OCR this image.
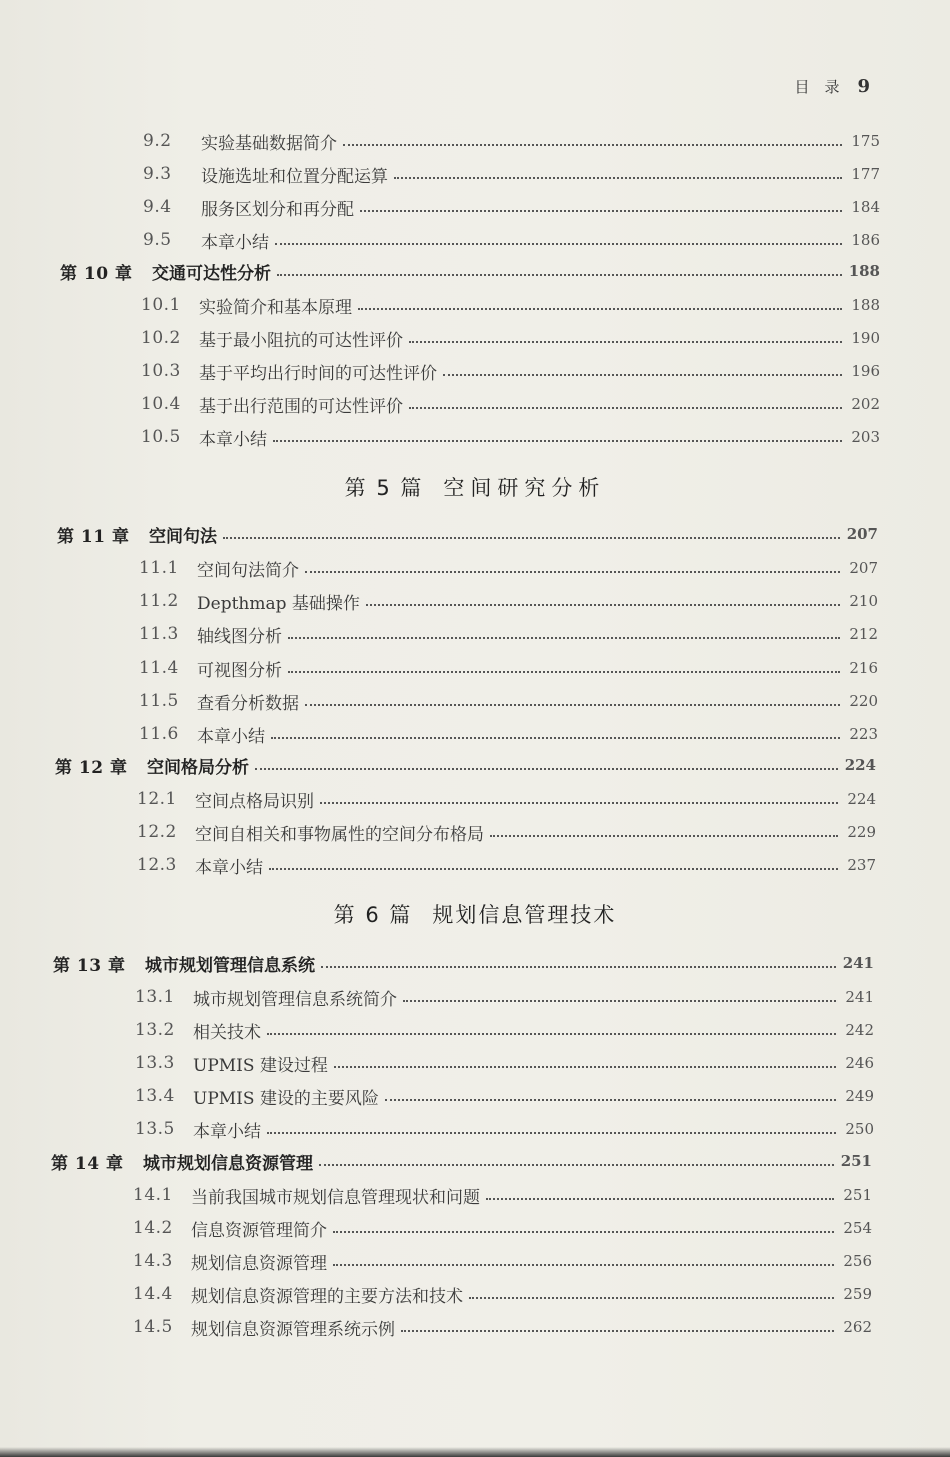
目　录 9
9.2	实验基础数据简介	175
9.3	设施选址和位置分配运算	177
9.4	服务区划分和再分配	184
9.5	本章小结	186
第 10 章	交通可达性分析	188
10.1	实验简介和基本原理	188
10.2	基于最小阻抗的可达性评价	190
10.3	基于平均出行时间的可达性评价	196
10.4	基于出行范围的可达性评价	202
10.5	本章小结	203
第 11 章	空间句法	207
11.1	空间句法简介	207
11.2	Depthmap 基础操作	210
11.3	轴线图分析	212
11.4	可视图分析	216
11.5	查看分析数据	220
11.6	本章小结	223
第 12 章	空间格局分析	224
12.1	空间点格局识别	224
12.2	空间自相关和事物属性的空间分布格局	229
12.3	本章小结	237
第 13 章	城市规划管理信息系统	241
13.1	城市规划管理信息系统简介	241
13.2	相关技术	242
13.3	UPMIS 建设过程	246
13.4	UPMIS 建设的主要风险	249
13.5	本章小结	250
第 14 章	城市规划信息资源管理	251
14.1	当前我国城市规划信息管理现状和问题	251
14.2	信息资源管理简介	254
14.3	规划信息资源管理	256
14.4	规划信息资源管理的主要方法和技术	259
14.5	规划信息资源管理系统示例	262
第 5 篇 空间研究分析
第 6 篇 规划信息管理技术
